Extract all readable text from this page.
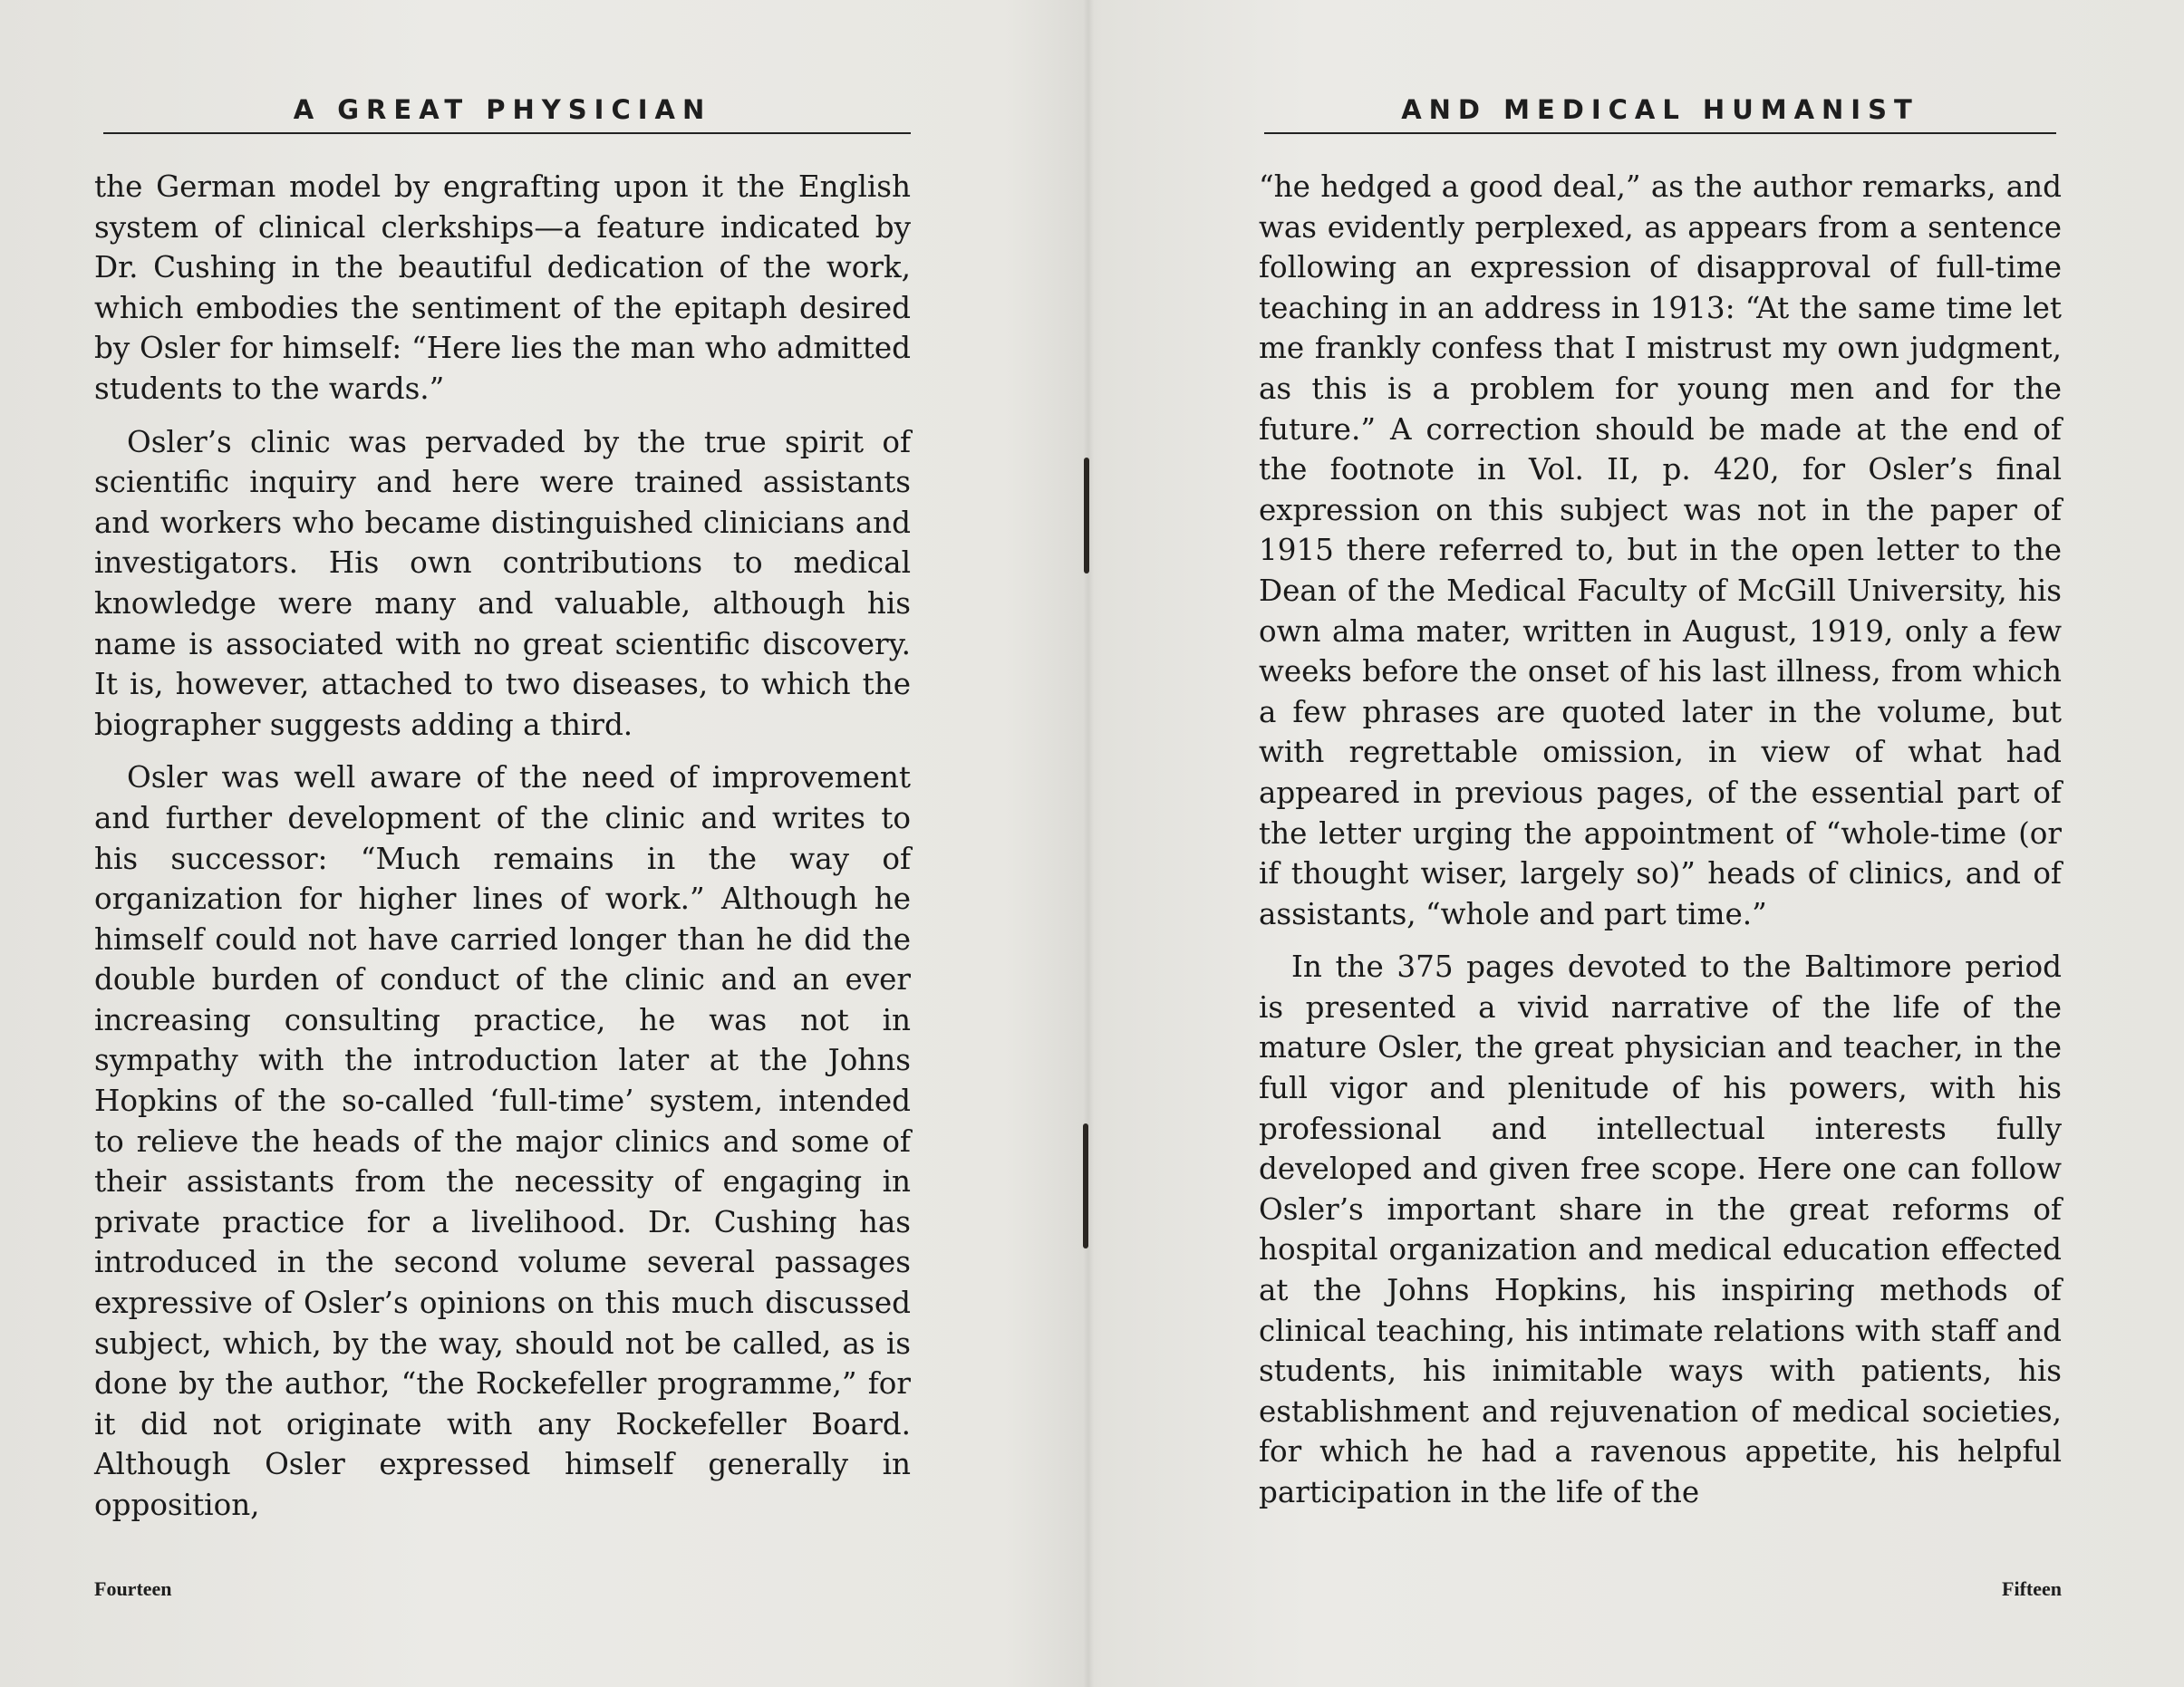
A GREAT PHYSICIAN

the German model by engrafting upon it the English system of clinical clerkships—a feature indicated by Dr. Cushing in the beautiful dedication of the work, which embodies the sentiment of the epitaph desired by Osler for himself: “Here lies the man who admitted students to the wards.”

Osler’s clinic was pervaded by the true spirit of scientific inquiry and here were trained assistants and workers who became distinguished clinicians and investigators. His own contributions to medical knowledge were many and valuable, although his name is associated with no great scientific discovery. It is, however, attached to two diseases, to which the biographer suggests adding a third.

Osler was well aware of the need of improvement and further development of the clinic and writes to his successor: “Much remains in the way of organization for higher lines of work.” Although he himself could not have carried longer than he did the double burden of conduct of the clinic and an ever increasing consulting practice, he was not in sympathy with the introduction later at the Johns Hopkins of the so-called ‘full-time’ system, intended to relieve the heads of the major clinics and some of their assistants from the necessity of engaging in private practice for a livelihood. Dr. Cushing has introduced in the second volume several passages expressive of Osler’s opinions on this much discussed subject, which, by the way, should not be called, as is done by the author, “the Rockefeller programme,” for it did not originate with any Rockefeller Board. Although Osler expressed himself generally in opposition,

Fourteen
AND MEDICAL HUMANIST

“he hedged a good deal,” as the author remarks, and was evidently perplexed, as appears from a sentence following an expression of disapproval of full-time teaching in an address in 1913: “At the same time let me frankly confess that I mistrust my own judgment, as this is a problem for young men and for the future.” A correction should be made at the end of the footnote in Vol. II, p. 420, for Osler’s final expression on this subject was not in the paper of 1915 there referred to, but in the open letter to the Dean of the Medical Faculty of McGill University, his own alma mater, written in August, 1919, only a few weeks before the onset of his last illness, from which a few phrases are quoted later in the volume, but with regrettable omission, in view of what had appeared in previous pages, of the essential part of the letter urging the appointment of “whole-time (or if thought wiser, largely so)” heads of clinics, and of assistants, “whole and part time.”

In the 375 pages devoted to the Baltimore period is presented a vivid narrative of the life of the mature Osler, the great physician and teacher, in the full vigor and plenitude of his powers, with his professional and intellectual interests fully developed and given free scope. Here one can follow Osler’s important share in the great reforms of hospital organization and medical education effected at the Johns Hopkins, his inspiring methods of clinical teaching, his intimate relations with staff and students, his inimitable ways with patients, his establishment and rejuvenation of medical societies, for which he had a ravenous appetite, his helpful participation in the life of the

Fifteen
